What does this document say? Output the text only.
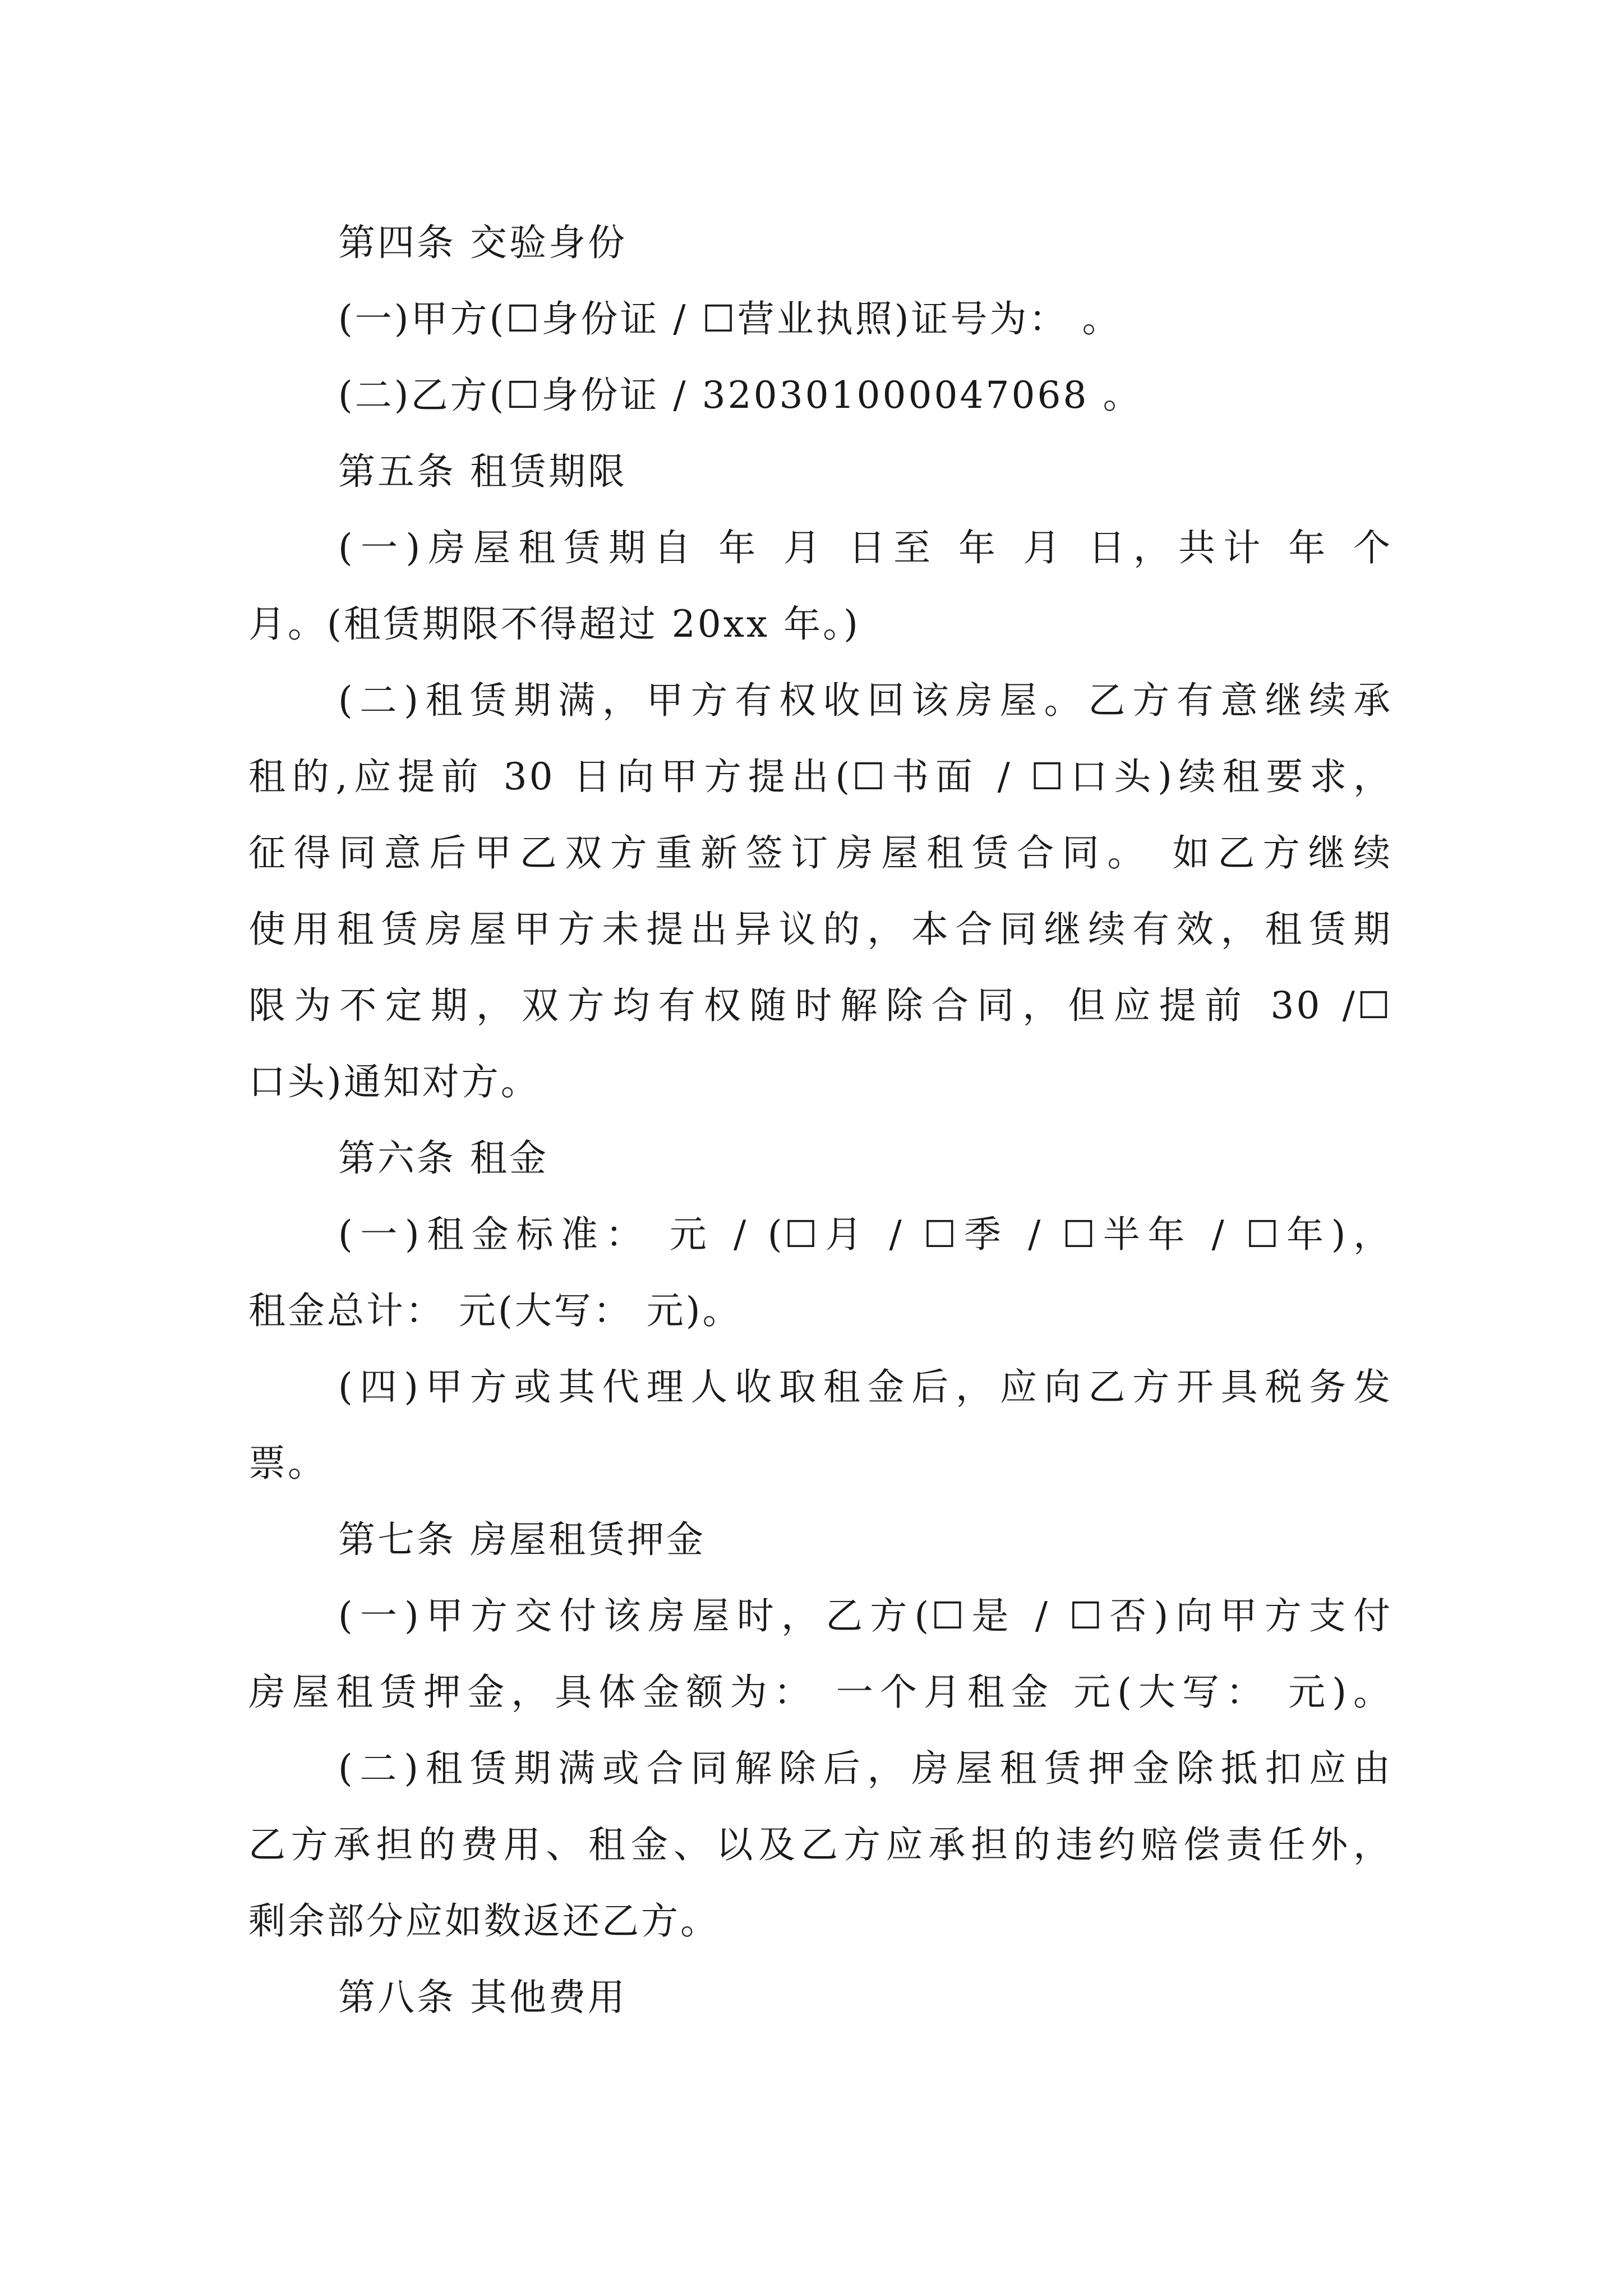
第四条 交验身份
(一)甲方(☐身份证 / ☐营业执照)证号为： 。
(二)乙方(☐身份证 / 320301000047068 。
第五条 租赁期限
(一)房屋租赁期自 年 月 日至 年 月 日，共计 年 个
月。(租赁期限不得超过 20xx 年。)
(二)租赁期满，甲方有权收回该房屋。乙方有意继续承
租的,应提前 30 日向甲方提出(☐书面 / ☐口头)续租要求，
征得同意后甲乙双方重新签订房屋租赁合同。 如乙方继续
使用租赁房屋甲方未提出异议的，本合同继续有效，租赁期
限为不定期，双方均有权随时解除合同，但应提前 30 /☐
口头)通知对方。
第六条 租金
(一)租金标准： 元 / (☐月 / ☐季 / ☐半年 / ☐年)，
租金总计： 元(大写： 元)。
(四)甲方或其代理人收取租金后，应向乙方开具税务发
票。
第七条 房屋租赁押金
(一)甲方交付该房屋时，乙方(☐是 / ☐否)向甲方支付
房屋租赁押金，具体金额为： 一个月租金 元(大写： 元)。
(二)租赁期满或合同解除后，房屋租赁押金除抵扣应由
乙方承担的费用、租金、以及乙方应承担的违约赔偿责任外，
剩余部分应如数返还乙方。
第八条 其他费用
